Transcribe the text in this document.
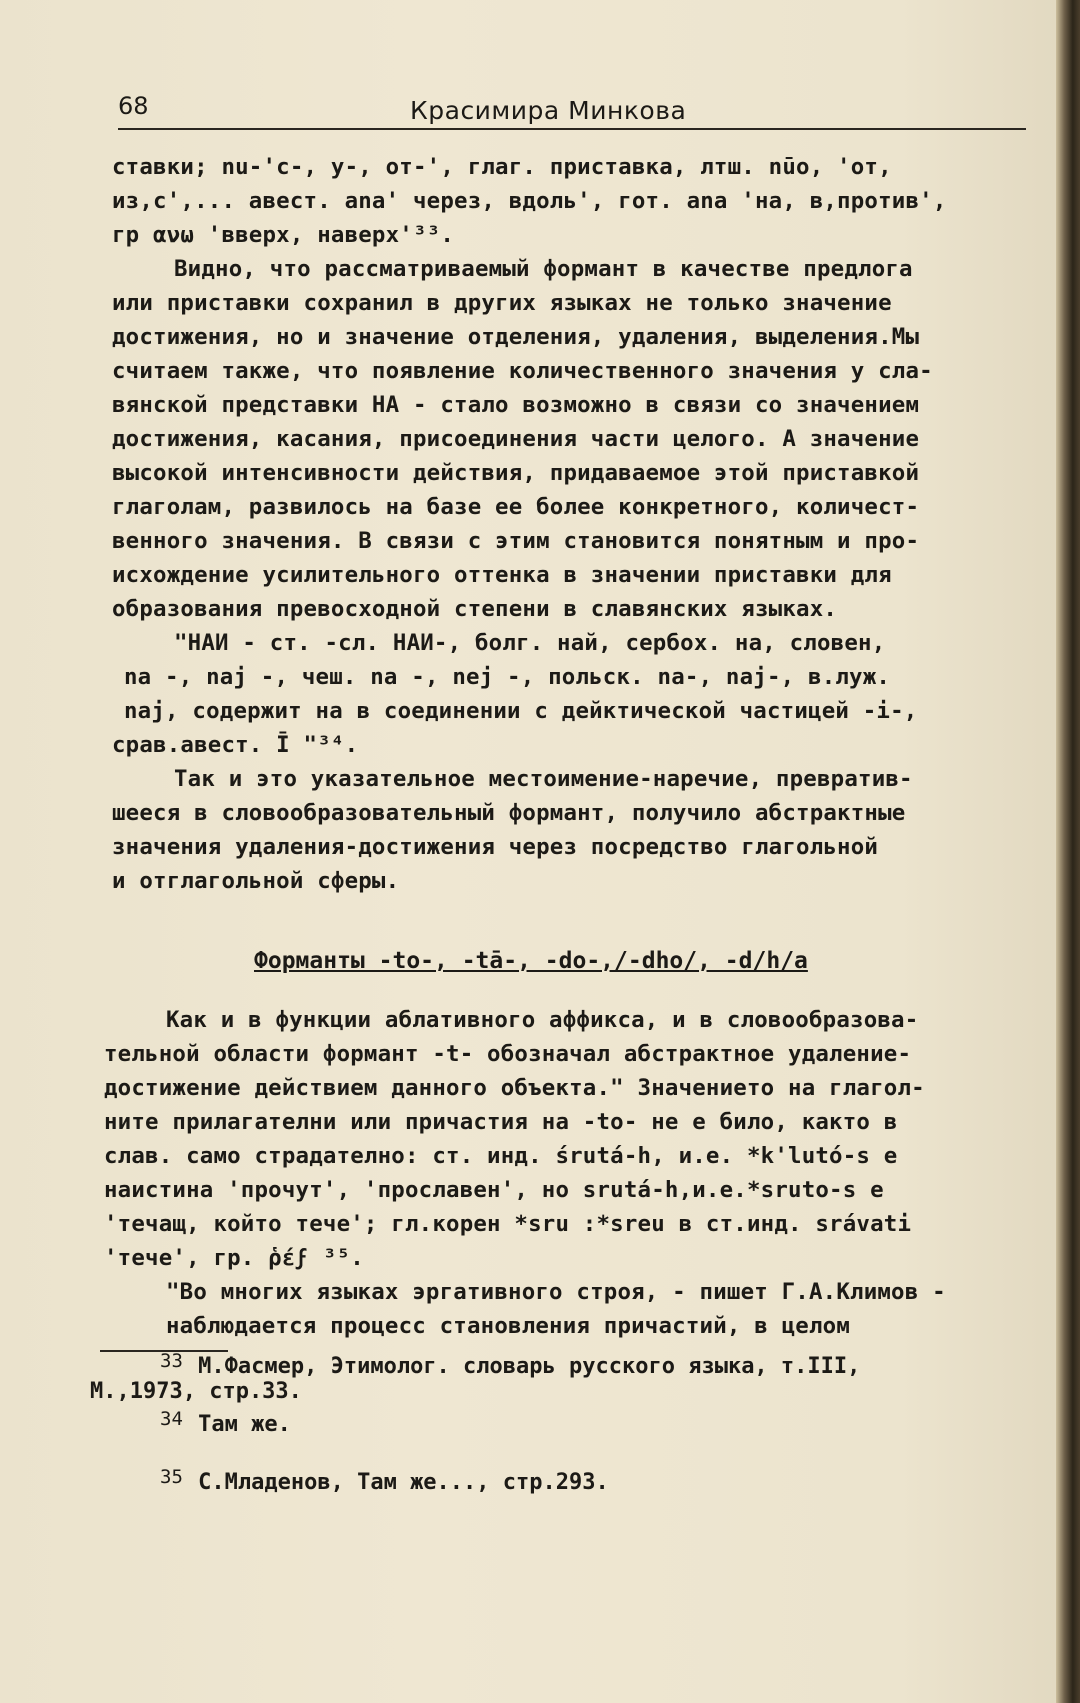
68	Красимира Минкова
ставки; nu-'с-, у-, от-', глаг. приставка, лтш. nūo, 'от,
из,с',... авест. ana' через, вдоль', гот. ana 'на, в,против',
гр ανω 'вверх, наверх'³³.
Видно, что рассматриваемый формант в качестве предлога
или приставки сохранил в других языках не только значение
достижения, но и значение отделения, удаления, выделения.Мы
считаем также, что появление количественного значения у сла-
вянской представки НА - стало возможно в связи со значением
достижения, касания, присоединения части целого. А значение
высокой интенсивности действия, придаваемое этой приставкой
глаголам, развилось на базе ее более конкретного, количест-
венного значения. В связи с этим становится понятным и про-
исхождение усилительного оттенка в значении приставки для
образования превосходной степени в славянских языках.
"НАИ - ст. -сл. НАИ-, болг. най, сербох. на, словен,
na -, naj -, чеш. na -, nej -, польск. na-, naj-, в.луж.
naj, содержит на в соединении с дейктической частицей -i-,
срав.авест. Ī "³⁴.
Так и это указательное местоимение-наречие, превратив-
шееся в словообразовательный формант, получило абстрактные
значения удаления-достижения через посредство глагольной
и отглагольной сферы.
Форманты -to-, -tā-, -do-,/-dho/, -d/h/a
Как и в функции аблативного аффикса, и в словообразова-
тельной области формант -t- обозначал абстрактное удаление-
достижение действием данного объекта." Значението на глагол-
ните прилагателни или причастия на -to- не е било, както в
слав. само страдателно: ст. инд. śrutá-h, и.е. *k'lutó-s е
наистина 'прочут', 'прославен', но srutá-h,и.е.*sruto-s е
'течащ, който тече'; гл.корен *sru :*sreu в ст.инд. srávati
'тече', гр. ῥέϝ ³⁵.
"Во многих языках эргативного строя, - пишет Г.А.Климов - наблюдается процесс становления причастий, в целом
$^{33}$ М.Фасмер, Этимолог. словарь русского языка, т.III,
М.,1973, стр.33.
$^{34}$ Там же.
$^{35}$ С.Младенов, Там же..., стр.293.
